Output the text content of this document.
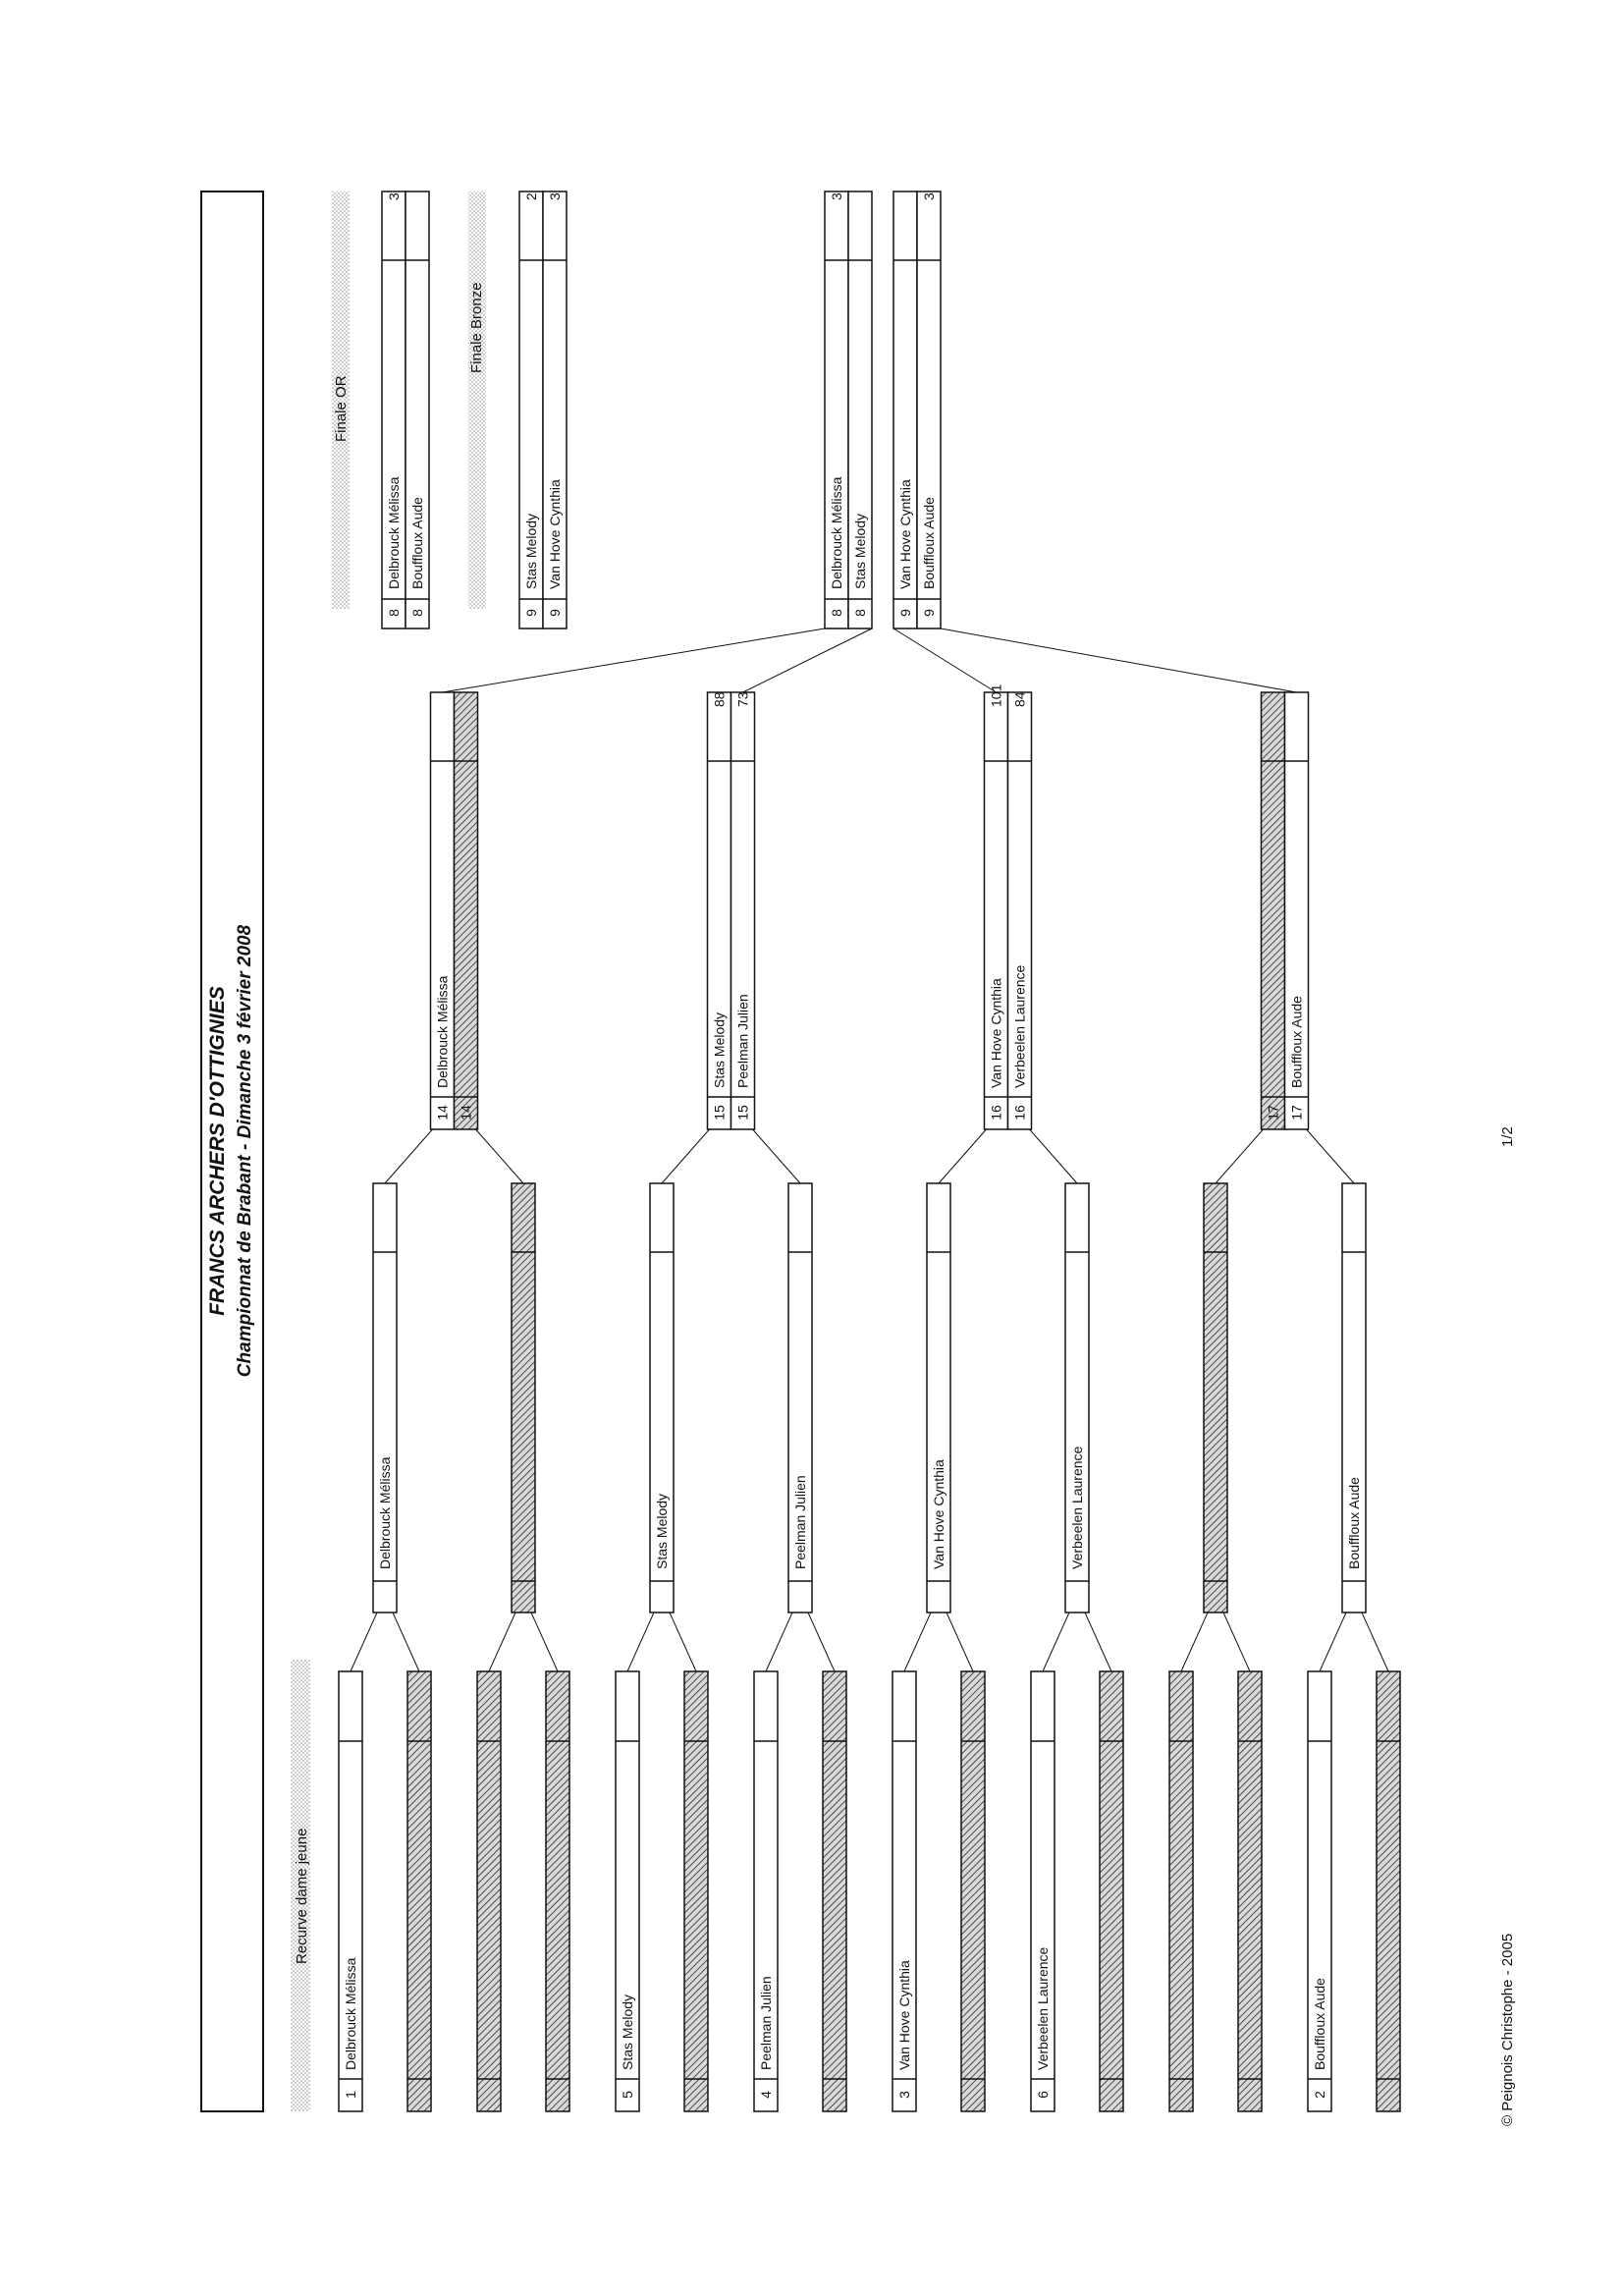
FRANCS ARCHERS D'OTTIGNIES Championnat de Brabant - Dimanche 3 février 2008
Recurve dame jeune
Finale OR
Finale Bronze
1/2
© Peignois Christophe - 2005
1
Delbrouck Mélissa
5
Stas Melody
4
Peelman Julien
3
Van Hove Cynthia
6
Verbeelen Laurence
2
Bouffloux Aude
Delbrouck Mélissa	Stas Melody	Peelman Julien	Van Hove Cynthia	Verbeelen Laurence	Bouffloux Aude
14
Delbrouck Mélissa
14	15
Stas Melody
88
15
Peelman Julien
73
16
Van Hove Cynthia
101
16
Verbeelen Laurence
84
17 17
Bouffloux Aude
8
Delbrouck Mélissa
3
8
Stas Melody
9
Van Hove Cynthia
9
Bouffloux Aude
3
8
Delbrouck Mélissa
3
8
Bouffloux Aude
9
Stas Melody
2
9
Van Hove Cynthia
3
